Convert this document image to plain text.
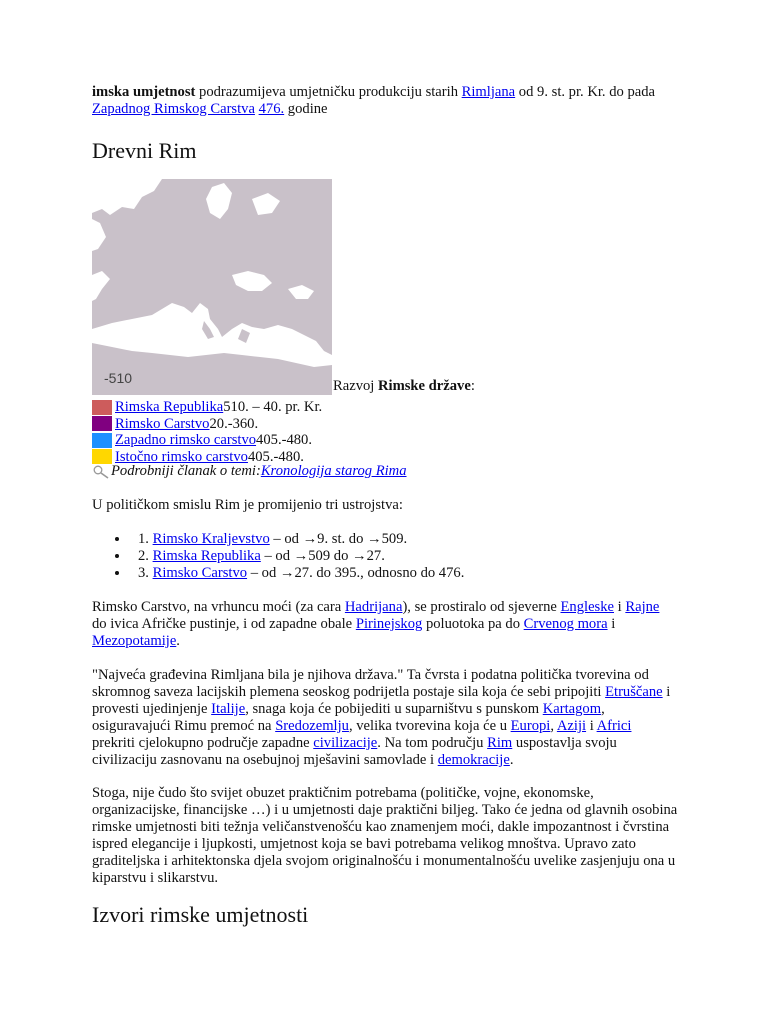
imska umjetnost podrazumijeva umjetničku produkciju starih Rimljana od 9. st. pr. Kr. do pada Zapadnog Rimskog Carstva 476. godine

Drevni Rim
-510	Razvoj Rimske države:
Rimska Republika 510. – 40. pr. Kr.
Rimsko Carstvo 20.-360.
Zapadno rimsko carstvo 405.-480.
Istočno rimsko carstvo 405.-480.
Podrobniji članak o temi: Kronologija starog Rima

U političkom smislu Rim je promijenio tri ustrojstva:

• 1. Rimsko Kraljevstvo – od →9. st. do →509.
• 2. Rimska Republika – od →509 do →27.
• 3. Rimsko Carstvo – od →27. do 395., odnosno do 476.

Rimsko Carstvo, na vrhuncu moći (za cara Hadrijana), se prostiralo od sjeverne Engleske i Rajne do ivica Afričke pustinje, i od zapadne obale Pirinejskog poluotoka pa do Crvenog mora i Mezopotamije.

"Najveća građevina Rimljana bila je njihova država." Ta čvrsta i podatna politička tvorevina od skromnog saveza lacijskih plemena seoskog podrijetla postaje sila koja će sebi pripojiti Etruščane i provesti ujedinjenje Italije, snaga koja će pobijediti u suparništvu s punskom Kartagom, osiguravajući Rimu premoć na Sredozemlju, velika tvorevina koja će u Europi, Aziji i Africi prekriti cjelokupno područje zapadne civilizacije. Na tom području Rim uspostavlja svoju civilizaciju zasnovanu na osebujnoj mješavini samovlade i demokracije.

Stoga, nije čudo što svijet obuzet praktičnim potrebama (političke, vojne, ekonomske, organizacijske, financijske …) i u umjetnosti daje praktični biljeg. Tako će jedna od glavnih osobina rimske umjetnosti biti težnja veličanstvenošću kao znamenjem moći, dakle impozantnost i čvrstina ispred elegancije i ljupkosti, umjetnost koja se bavi potrebama velikog mnoštva. Upravo zato graditeljska i arhitektonska djela svojom originalnošću i monumentalnošću uvelike zasjenjuju ona u kiparstvu i slikarstvu.

Izvori rimske umjetnosti
